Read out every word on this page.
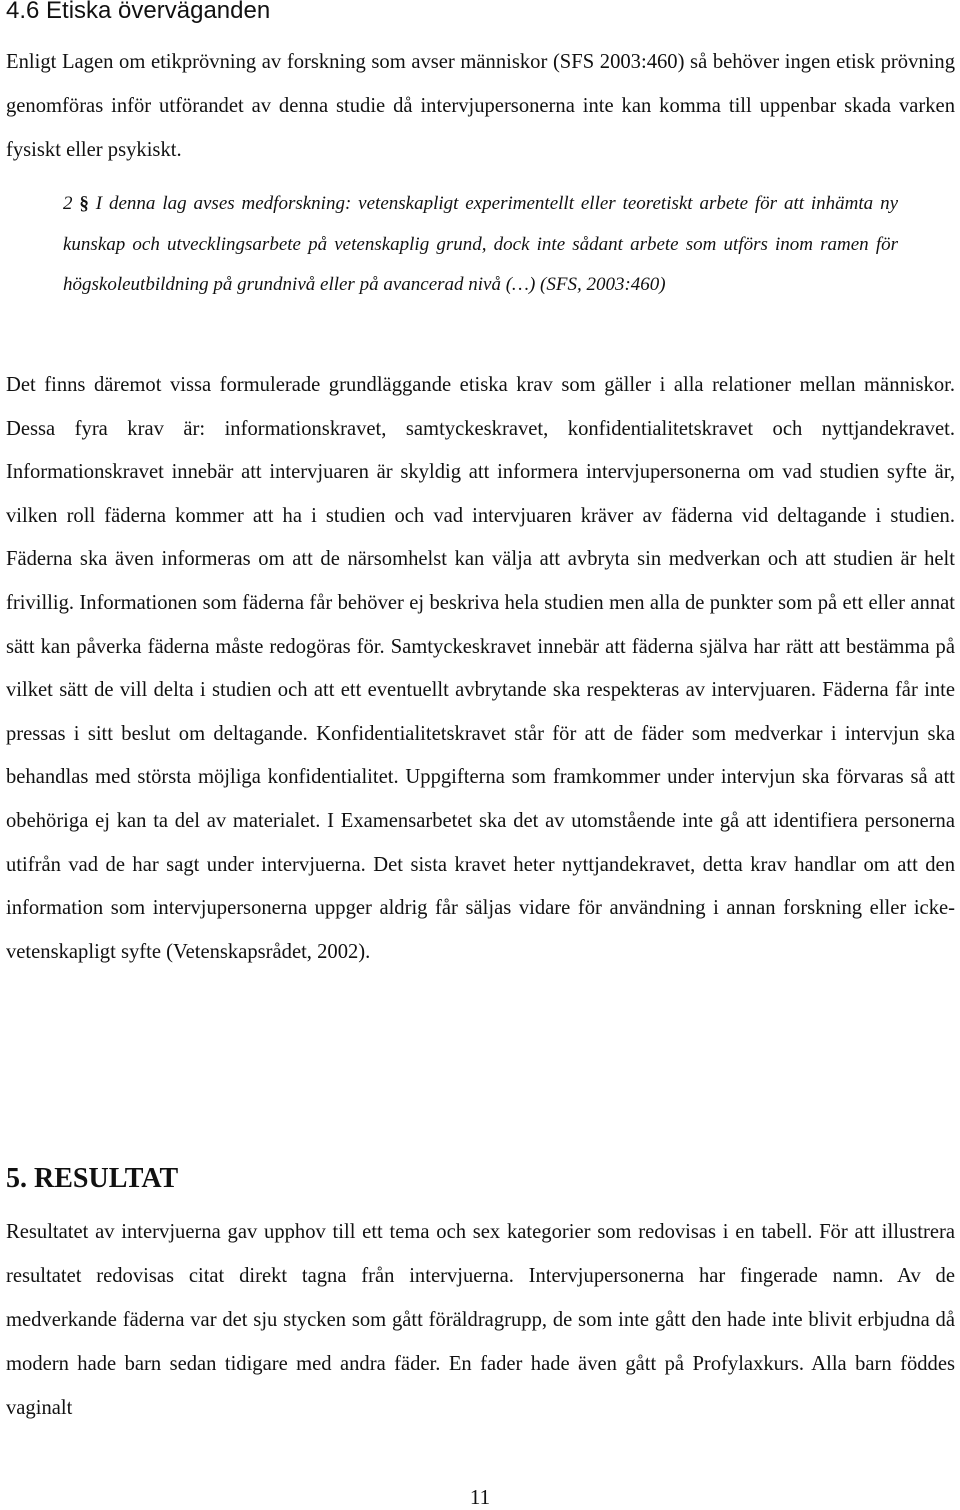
4.6 Etiska överväganden

Enligt Lagen om etikprövning av forskning som avser människor (SFS 2003:460) så behöver ingen etisk prövning genomföras inför utförandet av denna studie då intervjupersonerna inte kan komma till uppenbar skada varken fysiskt eller psykiskt.

2 § I denna lag avses medforskning: vetenskapligt experimentellt eller teoretiskt arbete för att inhämta ny kunskap och utvecklingsarbete på vetenskaplig grund, dock inte sådant arbete som utförs inom ramen för högskoleutbildning på grundnivå eller på avancerad nivå (…) (SFS, 2003:460)

Det finns däremot vissa formulerade grundläggande etiska krav som gäller i alla relationer mellan människor. Dessa fyra krav är: informationskravet, samtyckeskravet, konfidentialitetskravet och nyttjandekravet. Informationskravet innebär att intervjuaren är skyldig att informera intervjupersonerna om vad studien syfte är, vilken roll fäderna kommer att ha i studien och vad intervjuaren kräver av fäderna vid deltagande i studien. Fäderna ska även informeras om att de närsomhelst kan välja att avbryta sin medverkan och att studien är helt frivillig. Informationen som fäderna får behöver ej beskriva hela studien men alla de punkter som på ett eller annat sätt kan påverka fäderna måste redogöras för. Samtyckeskravet innebär att fäderna själva har rätt att bestämma på vilket sätt de vill delta i studien och att ett eventuellt avbrytande ska respekteras av intervjuaren. Fäderna får inte pressas i sitt beslut om deltagande. Konfidentialitetskravet står för att de fäder som medverkar i intervjun ska behandlas med största möjliga konfidentialitet. Uppgifterna som framkommer under intervjun ska förvaras så att obehöriga ej kan ta del av materialet. I Examensarbetet ska det av utomstående inte gå att identifiera personerna utifrån vad de har sagt under intervjuerna. Det sista kravet heter nyttjandekravet, detta krav handlar om att den information som intervjupersonerna uppger aldrig får säljas vidare för användning i annan forskning eller icke-vetenskapligt syfte (Vetenskapsrådet, 2002).

5. RESULTAT

Resultatet av intervjuerna gav upphov till ett tema och sex kategorier som redovisas i en tabell. För att illustrera resultatet redovisas citat direkt tagna från intervjuerna. Intervjupersonerna har fingerade namn. Av de medverkande fäderna var det sju stycken som gått föräldragrupp, de som inte gått den hade inte blivit erbjudna då modern hade barn sedan tidigare med andra fäder. En fader hade även gått på Profylaxkurs. Alla barn föddes vaginalt

11
